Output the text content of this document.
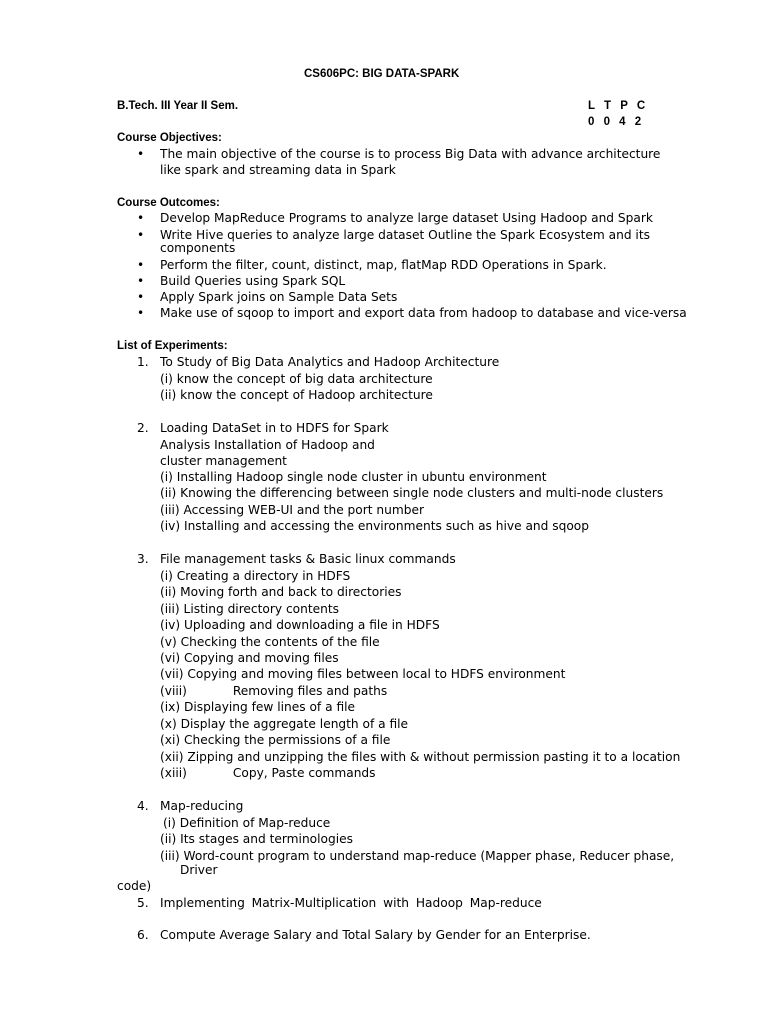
CS606PC: BIG DATA-SPARK
B.Tech. III Year II Sem.	L T P C
0 0 4 2
Course Objectives:
• The main objective of the course is to process Big Data with advance architecture
like spark and streaming data in Spark
Course Outcomes:
• Develop MapReduce Programs to analyze large dataset Using Hadoop and Spark
• Write Hive queries to analyze large dataset Outline the Spark Ecosystem and its
components
• Perform the filter, count, distinct, map, flatMap RDD Operations in Spark.
• Build Queries using Spark SQL
• Apply Spark joins on Sample Data Sets
• Make use of sqoop to import and export data from hadoop to database and vice-versa
List of Experiments:
1. To Study of Big Data Analytics and Hadoop Architecture
(i) know the concept of big data architecture
(ii) know the concept of Hadoop architecture
2. Loading DataSet in to HDFS for Spark
Analysis Installation of Hadoop and
cluster management
(i) Installing Hadoop single node cluster in ubuntu environment
(ii) Knowing the differencing between single node clusters and multi-node clusters
(iii) Accessing WEB-UI and the port number
(iv) Installing and accessing the environments such as hive and sqoop
3. File management tasks & Basic linux commands
(i) Creating a directory in HDFS
(ii) Moving forth and back to directories
(iii) Listing directory contents
(iv) Uploading and downloading a file in HDFS
(v) Checking the contents of the file
(vi) Copying and moving files
(vii) Copying and moving files between local to HDFS environment
(viii)	Removing files and paths
(ix) Displaying few lines of a file
(x) Display the aggregate length of a file
(xi) Checking the permissions of a file
(xii) Zipping and unzipping the files with & without permission pasting it to a location
(xiii)	Copy, Paste commands
4. Map-reducing
(i) Definition of Map-reduce
(ii) Its stages and terminologies
(iii) Word-count program to understand map-reduce (Mapper phase, Reducer phase,
Driver
code)
5. Implementing Matrix-Multiplication with Hadoop Map-reduce
6. Compute Average Salary and Total Salary by Gender for an Enterprise.
